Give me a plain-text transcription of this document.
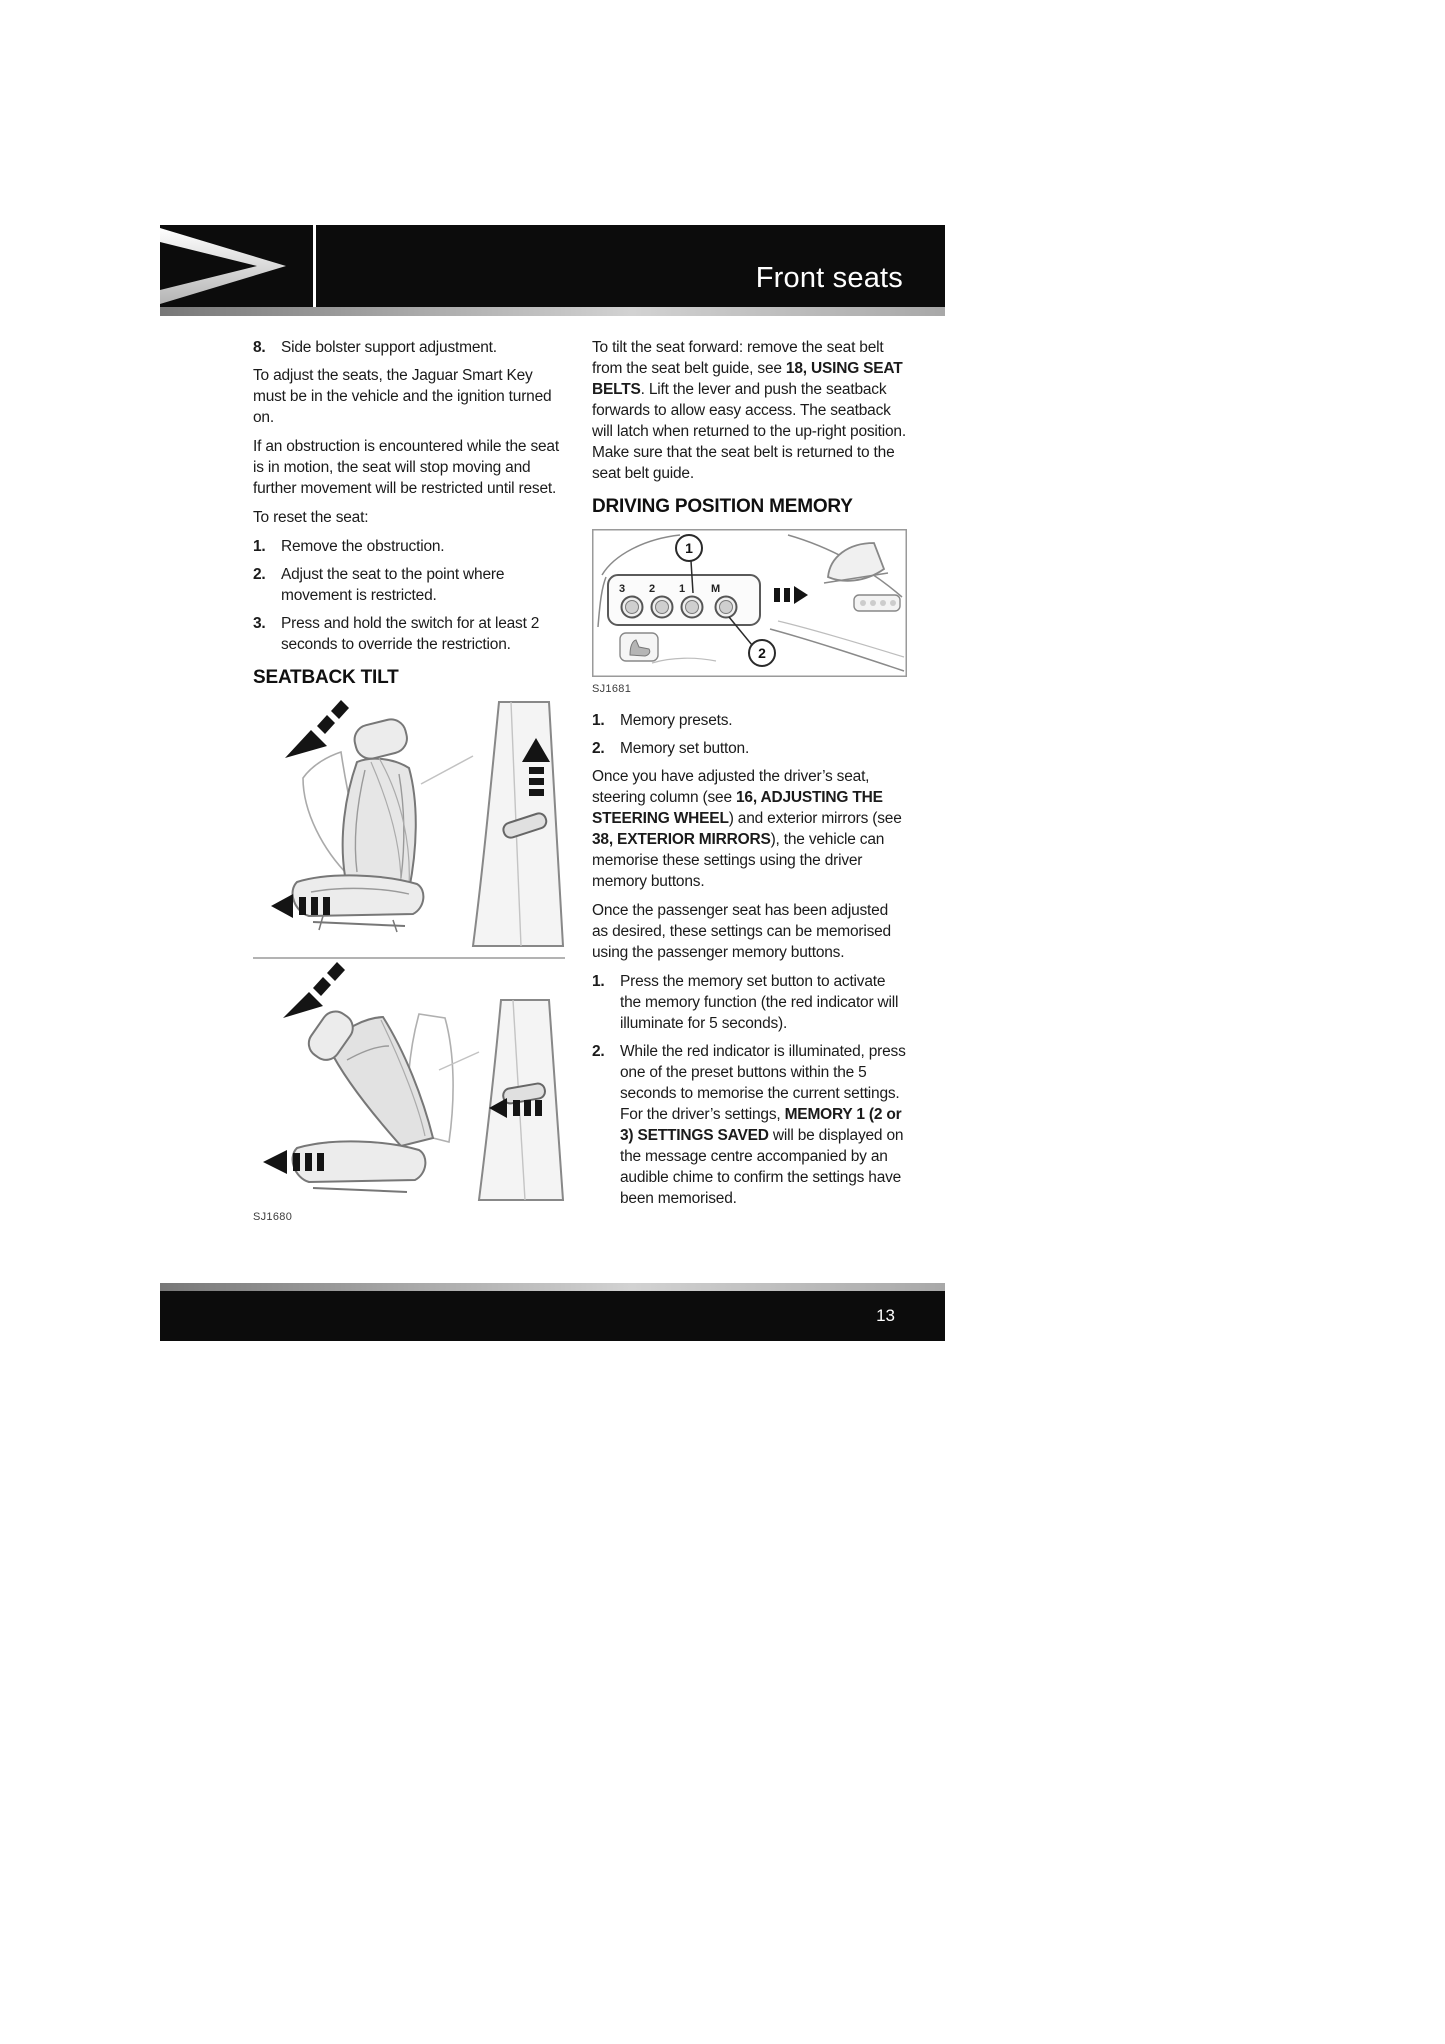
Front seats
8. Side bolster support adjustment.

To adjust the seats, the Jaguar Smart Key must be in the vehicle and the ignition turned on.

If an obstruction is encountered while the seat is in motion, the seat will stop moving and further movement will be restricted until reset.

To reset the seat:

1. Remove the obstruction.
2. Adjust the seat to the point where movement is restricted.
3. Press and hold the switch for at least 2 seconds to override the restriction.
SEATBACK TILT
SJ1680

To tilt the seat forward: remove the seat belt from the seat belt guide, see 18, USING SEAT BELTS. Lift the lever and push the seatback forwards to allow easy access. The seatback will latch when returned to the up-right position. Make sure that the seat belt is returned to the seat belt guide.

DRIVING POSITION MEMORY
3 2 1 M
1
2
SJ1681
1. Memory presets.
2. Memory set button.

Once you have adjusted the driver’s seat, steering column (see 16, ADJUSTING THE STEERING WHEEL) and exterior mirrors (see 38, EXTERIOR MIRRORS), the vehicle can memorise these settings using the driver memory buttons.

Once the passenger seat has been adjusted as desired, these settings can be memorised using the passenger memory buttons.

1. Press the memory set button to activate the memory function (the red indicator will illuminate for 5 seconds).
2. While the red indicator is illuminated, press one of the preset buttons within the 5 seconds to memorise the current settings. For the driver’s settings, MEMORY 1 (2 or 3) SETTINGS SAVED will be displayed on the message centre accompanied by an audible chime to confirm the settings have been memorised.
13
